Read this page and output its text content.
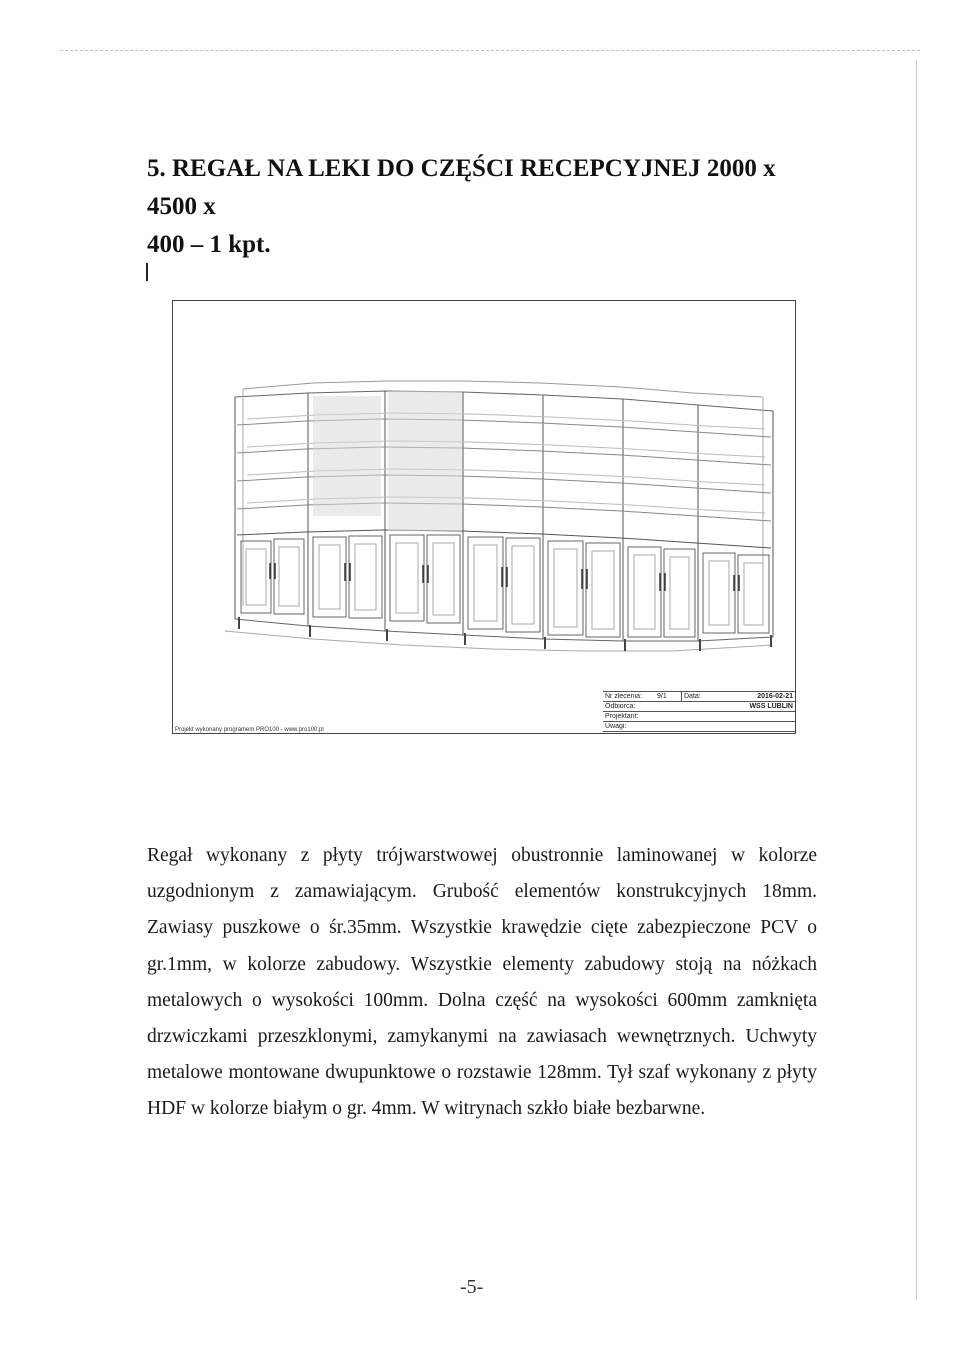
5. REGAŁ NA LEKI DO CZĘŚCI RECEPCYJNEJ 2000 x 4500 x
400 – 1 kpt.
Nr zlecenia:	9/1	Data:	2016-02-21
Odbiorca:	WSS LUBLIN
Projektant:
Uwagi:
Projekt wykonany programem PRO100 - www.pro100.pl

Regał wykonany z płyty trójwarstwowej obustronnie laminowanej w kolorze uzgodnionym z zamawiającym. Grubość elementów konstrukcyjnych 18mm. Zawiasy puszkowe o śr.35mm. Wszystkie krawędzie cięte zabezpieczone PCV o gr.1mm, w kolorze zabudowy. Wszystkie elementy zabudowy stoją na nóżkach metalowych o wysokości 100mm. Dolna część na wysokości 600mm zamknięta drzwiczkami przeszklonymi, zamykanymi na zawiasach wewnętrznych. Uchwyty metalowe montowane dwupunktowe o rozstawie 128mm. Tył szaf wykonany z płyty HDF w kolorze białym o gr. 4mm. W witrynach szkło białe bezbarwne.

-5-
